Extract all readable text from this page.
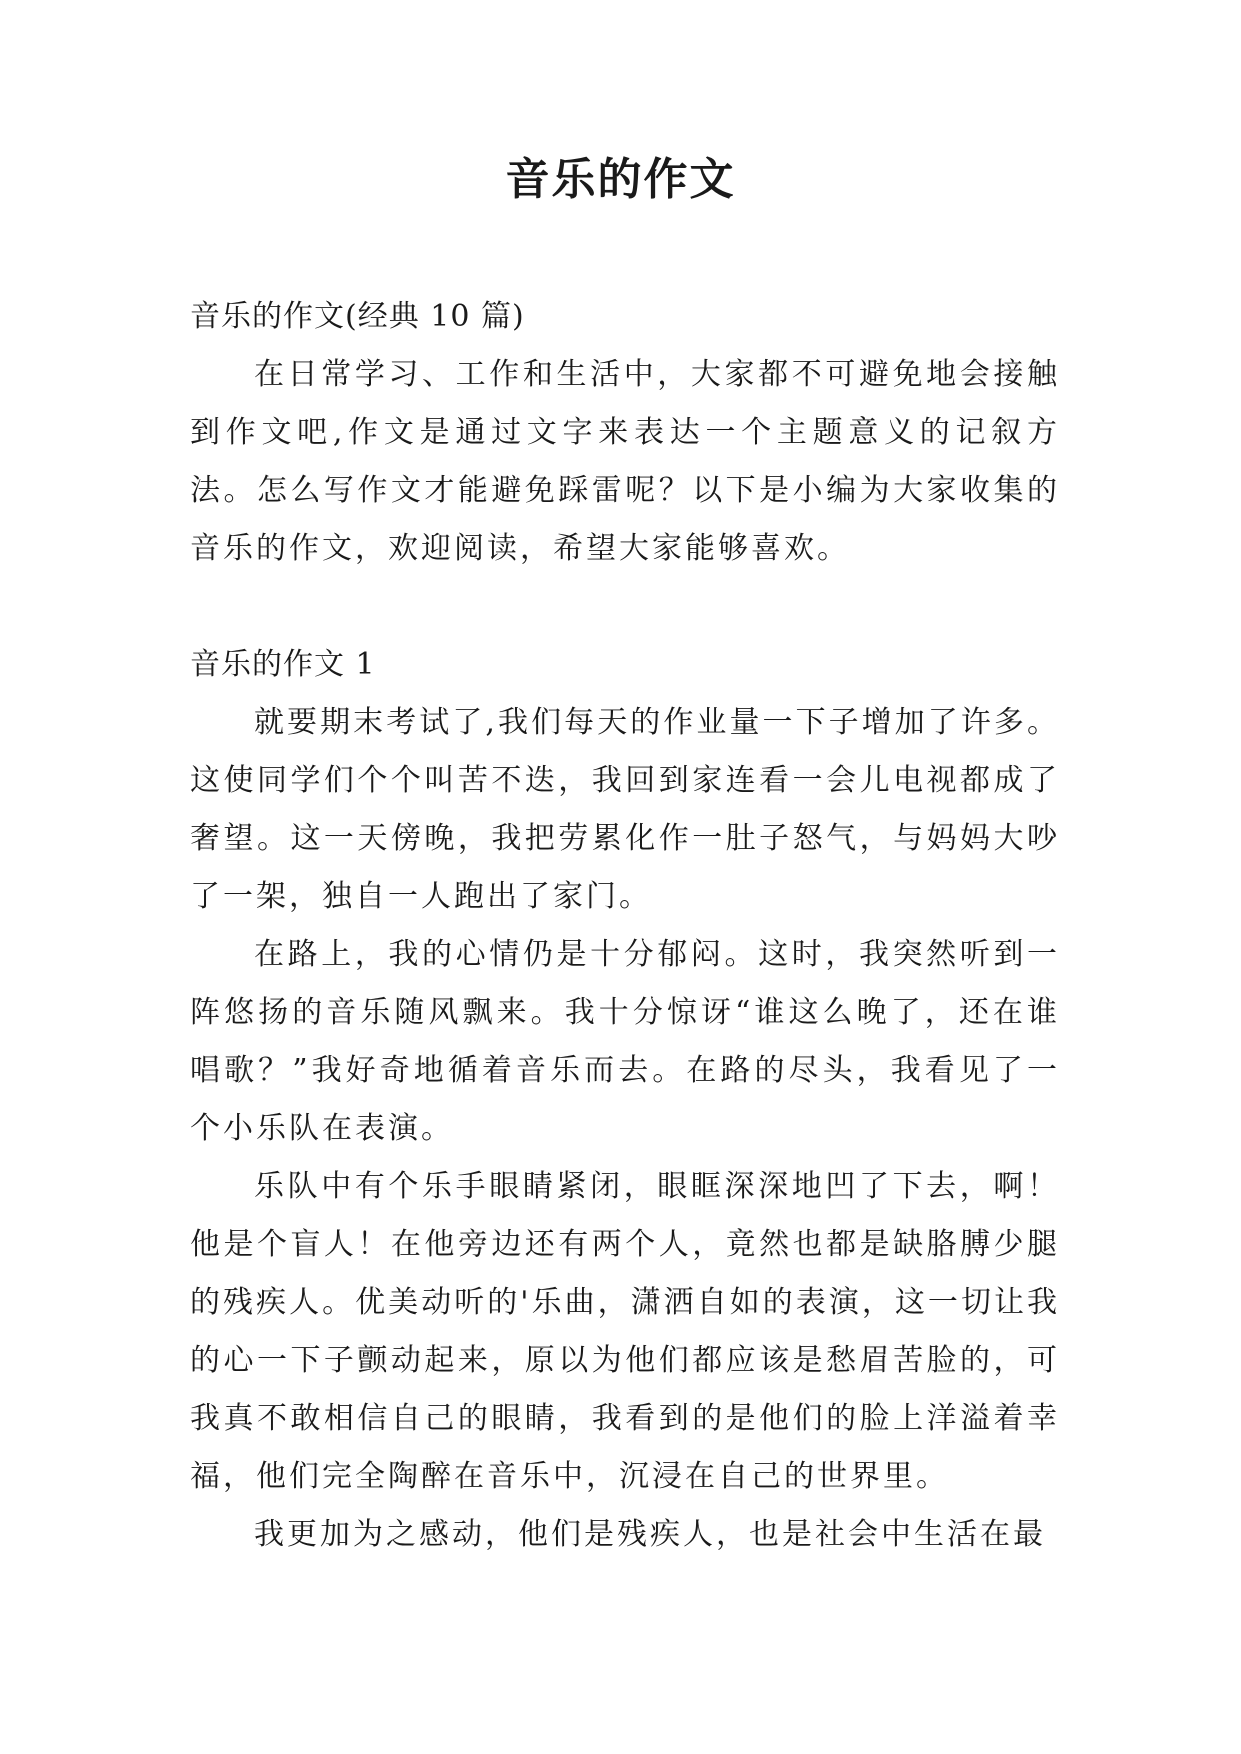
音乐的作文

音乐的作文(经典 10 篇)

在日常学习、工作和生活中，大家都不可避免地会接触到作文吧,作文是通过文字来表达一个主题意义的记叙方法。怎么写作文才能避免踩雷呢？以下是小编为大家收集的音乐的作文，欢迎阅读，希望大家能够喜欢。

音乐的作文 1

就要期末考试了,我们每天的作业量一下子增加了许多。这使同学们个个叫苦不迭，我回到家连看一会儿电视都成了奢望。这一天傍晚，我把劳累化作一肚子怒气，与妈妈大吵了一架，独自一人跑出了家门。

在路上，我的心情仍是十分郁闷。这时，我突然听到一阵悠扬的音乐随风飘来。我十分惊讶“谁这么晚了，还在谁唱歌？”我好奇地循着音乐而去。在路的尽头，我看见了一个小乐队在表演。

乐队中有个乐手眼睛紧闭，眼眶深深地凹了下去，啊！他是个盲人！在他旁边还有两个人，竟然也都是缺胳膊少腿的残疾人。优美动听的'乐曲，潇洒自如的表演，这一切让我的心一下子颤动起来，原以为他们都应该是愁眉苦脸的，可我真不敢相信自己的眼睛，我看到的是他们的脸上洋溢着幸福，他们完全陶醉在音乐中，沉浸在自己的世界里。

我更加为之感动，他们是残疾人，也是社会中生活在最
